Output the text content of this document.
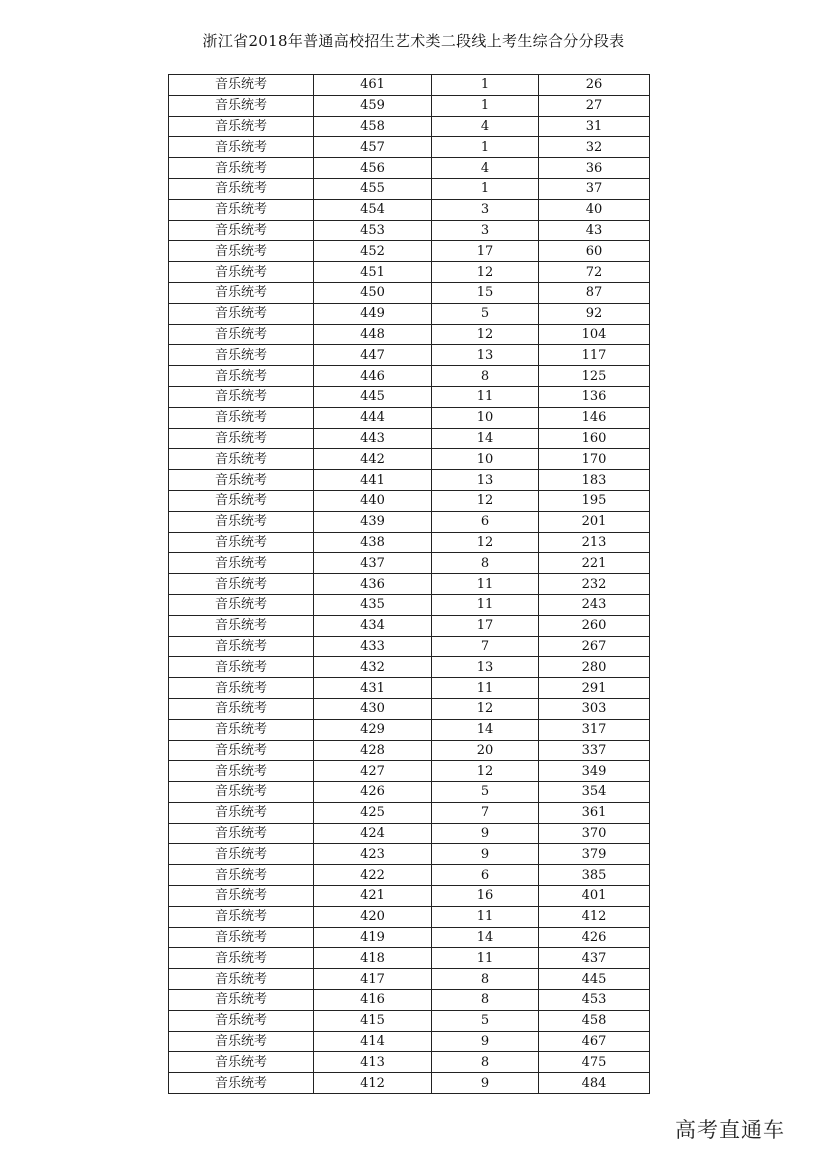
浙江省2018年普通高校招生艺术类二段线上考生综合分分段表
音乐统考	461	1	26
音乐统考	459	1	27
音乐统考	458	4	31
音乐统考	457	1	32
音乐统考	456	4	36
音乐统考	455	1	37
音乐统考	454	3	40
音乐统考	453	3	43
音乐统考	452	17	60
音乐统考	451	12	72
音乐统考	450	15	87
音乐统考	449	5	92
音乐统考	448	12	104
音乐统考	447	13	117
音乐统考	446	8	125
音乐统考	445	11	136
音乐统考	444	10	146
音乐统考	443	14	160
音乐统考	442	10	170
音乐统考	441	13	183
音乐统考	440	12	195
音乐统考	439	6	201
音乐统考	438	12	213
音乐统考	437	8	221
音乐统考	436	11	232
音乐统考	435	11	243
音乐统考	434	17	260
音乐统考	433	7	267
音乐统考	432	13	280
音乐统考	431	11	291
音乐统考	430	12	303
音乐统考	429	14	317
音乐统考	428	20	337
音乐统考	427	12	349
音乐统考	426	5	354
音乐统考	425	7	361
音乐统考	424	9	370
音乐统考	423	9	379
音乐统考	422	6	385
音乐统考	421	16	401
音乐统考	420	11	412
音乐统考	419	14	426
音乐统考	418	11	437
音乐统考	417	8	445
音乐统考	416	8	453
音乐统考	415	5	458
音乐统考	414	9	467
音乐统考	413	8	475
音乐统考	412	9	484
高考直通车
